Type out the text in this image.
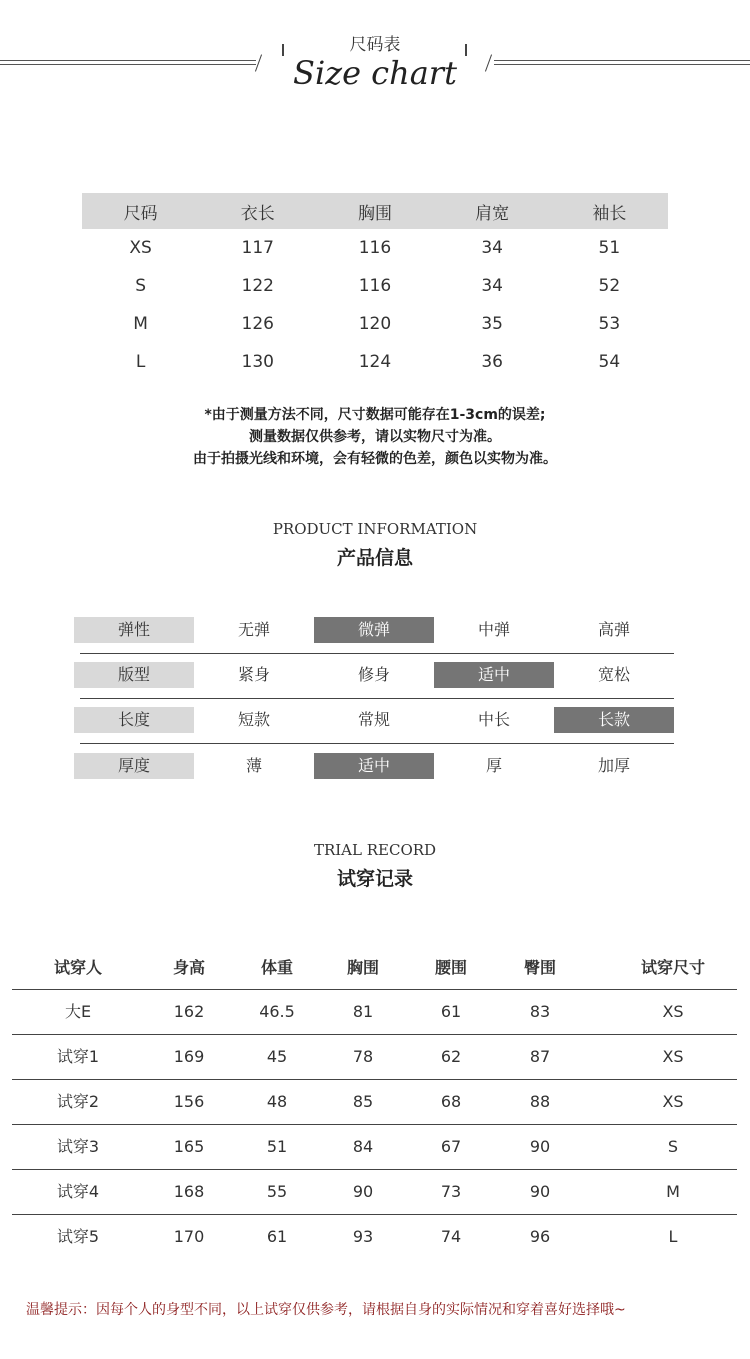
尺码表
Size chart
尺码	衣长	胸围	肩宽	袖长
XS	117	116	34	51
S	122	116	34	52
M	126	120	35	53
L	130	124	36	54
*由于测量方法不同，尺寸数据可能存在1-3cm的误差;
测量数据仅供参考，请以实物尺寸为准。
由于拍摄光线和环境，会有轻微的色差，颜色以实物为准。
PRODUCT INFORMATION
产品信息
弹性	无弹	微弹	中弹	高弹
版型	紧身	修身	适中	宽松
长度	短款	常规	中长	长款
厚度	薄	适中	厚	加厚
TRIAL RECORD
试穿记录
试穿人	身高	体重	胸围	腰围	臀围	试穿尺寸
大E	162	46.5	81	61	83	XS
试穿1	169	45	78	62	87	XS
试穿2	156	48	85	68	88	XS
试穿3	165	51	84	67	90	S
试穿4	168	55	90	73	90	M
试穿5	170	61	93	74	96	L
温馨提示：因每个人的身型不同，以上试穿仅供参考，请根据自身的实际情况和穿着喜好选择哦~
